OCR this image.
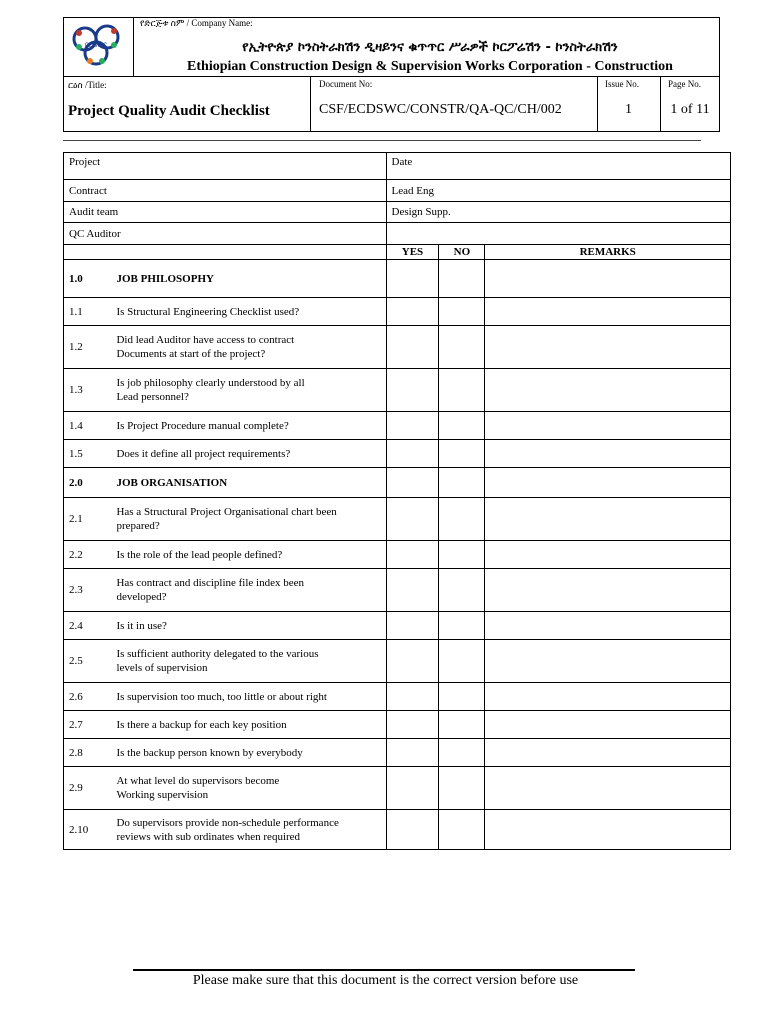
CDSWC
የድርጅቱ ስም / Company Name:
የኢትዮጵያ ኮንስትራክሽን ዲዛይንና ቁጥጥር ሥራዎች ኮርፖሬሽን - ኮንስትራክሽን
Ethiopian Construction Design & Supervision Works Corporation - Construction
ርዕስ /Title:
Project Quality Audit Checklist
Document No:
CSF/ECDSWC/CONSTR/QA-QC/CH/002
Issue No.
1
Page No.
1 of 11
Project		Date		
Contract		Lead Eng		
Audit team		Design Supp.		
QC Auditor				
		YES	NO	REMARKS
1.0	JOB PHILOSOPHY			

1.1	Is Structural Engineering Checklist used?			

1.2	Did lead Auditor have access to contract
Documents at start of the project?			

1.3	Is job philosophy clearly understood by all
Lead personnel?			

1.4	Is Project Procedure manual complete?			

1.5	Does it define all project requirements?			

2.0	JOB ORGANISATION			

2.1	Has a Structural Project Organisational chart been
prepared?			

2.2	Is the role of the lead people defined?			

2.3	Has contract and discipline file index been
developed?			

2.4	Is it in use?			

2.5	Is sufficient authority delegated to the various
levels of supervision			

2.6	Is supervision too much, too little or about right			

2.7	Is there a backup for each key position			

2.8	Is the backup person known by everybody			

2.9	At what level do supervisors become
Working supervision			

2.10	Do supervisors provide non-schedule performance
reviews with sub ordinates when required			

Please make sure that this document is the correct version before use
